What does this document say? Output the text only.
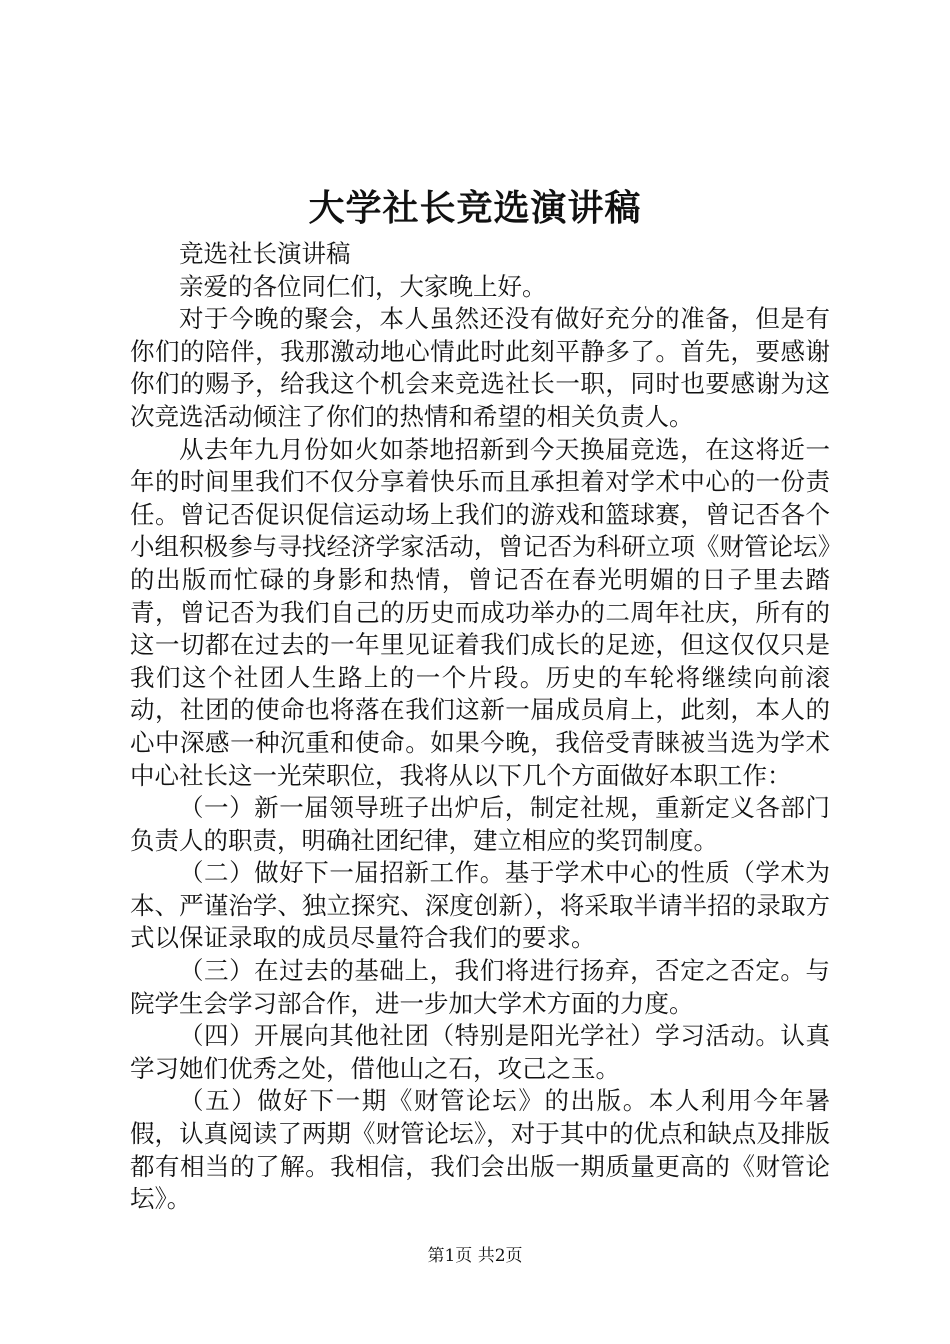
大学社长竞选演讲稿

竞选社长演讲稿

亲爱的各位同仁们，大家晚上好。

对于今晚的聚会，本人虽然还没有做好充分的准备，但是有你们的陪伴，我那激动地心情此时此刻平静多了。首先，要感谢你们的赐予，给我这个机会来竞选社长一职，同时也要感谢为这次竞选活动倾注了你们的热情和希望的相关负责人。

从去年九月份如火如荼地招新到今天换届竞选，在这将近一年的时间里我们不仅分享着快乐而且承担着对学术中心的一份责任。曾记否促识促信运动场上我们的游戏和篮球赛，曾记否各个小组积极参与寻找经济学家活动，曾记否为科研立项《财管论坛》的出版而忙碌的身影和热情，曾记否在春光明媚的日子里去踏青，曾记否为我们自己的历史而成功举办的二周年社庆，所有的这一切都在过去的一年里见证着我们成长的足迹，但这仅仅只是我们这个社团人生路上的一个片段。历史的车轮将继续向前滚动，社团的使命也将落在我们这新一届成员肩上，此刻，本人的心中深感一种沉重和使命。如果今晚，我倍受青睐被当选为学术中心社长这一光荣职位，我将从以下几个方面做好本职工作：

（一）新一届领导班子出炉后，制定社规，重新定义各部门负责人的职责，明确社团纪律，建立相应的奖罚制度。

（二）做好下一届招新工作。基于学术中心的性质（学术为本、严谨治学、独立探究、深度创新），将采取半请半招的录取方式以保证录取的成员尽量符合我们的要求。

（三）在过去的基础上，我们将进行扬弃，否定之否定。与院学生会学习部合作，进一步加大学术方面的力度。

（四）开展向其他社团（特别是阳光学社）学习活动。认真学习她们优秀之处，借他山之石，攻己之玉。

（五）做好下一期《财管论坛》的出版。本人利用今年暑假，认真阅读了两期《财管论坛》，对于其中的优点和缺点及排版都有相当的了解。我相信，我们会出版一期质量更高的《财管论坛》。

第1页 共2页
